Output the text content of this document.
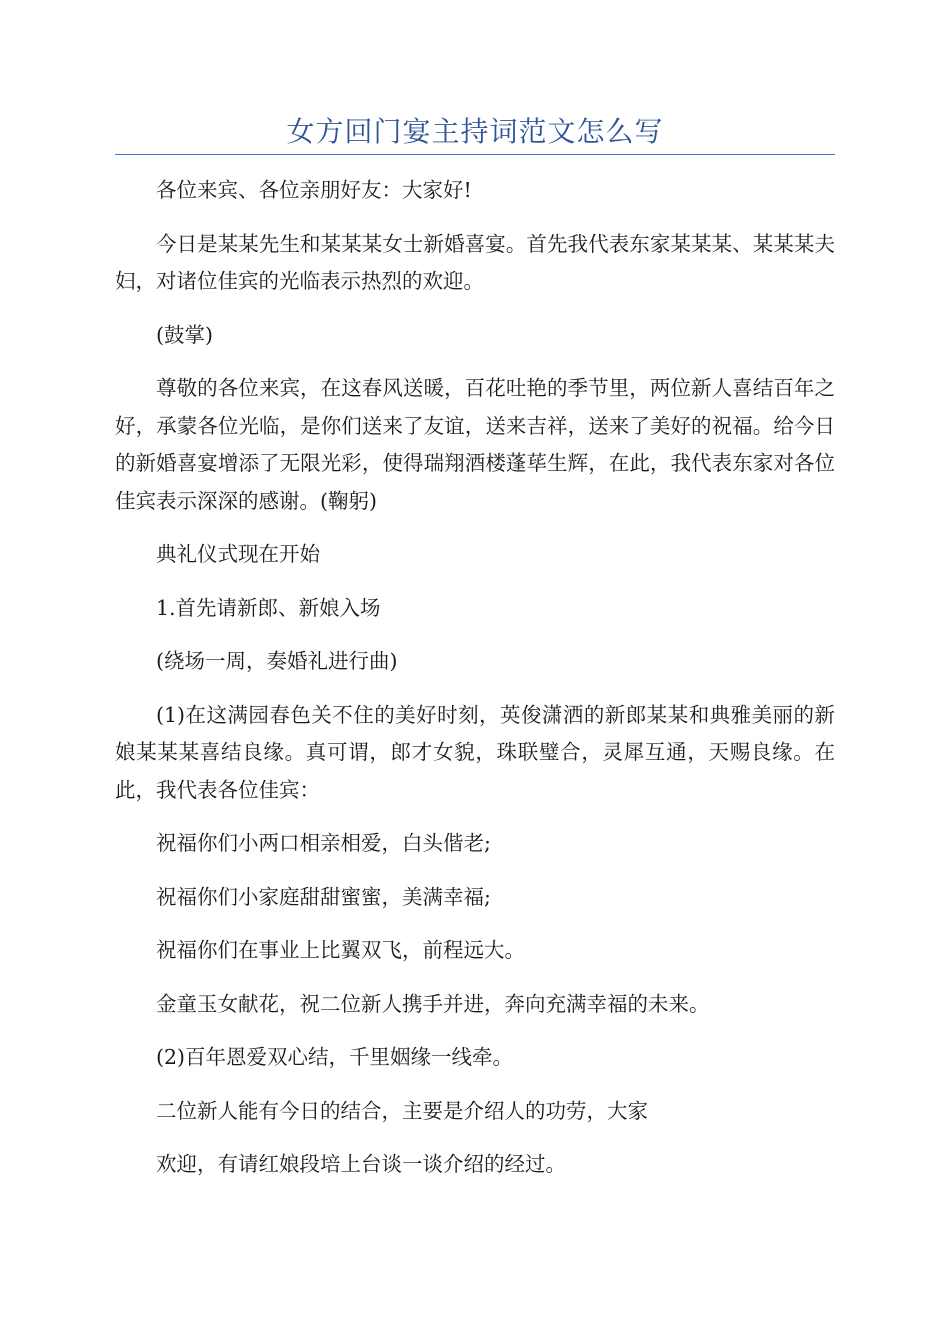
女方回门宴主持词范文怎么写

各位来宾、各位亲朋好友：大家好!

今日是某某先生和某某某女士新婚喜宴。首先我代表东家某某某、某某某夫妇，对诸位佳宾的光临表示热烈的欢迎。

(鼓掌)

尊敬的各位来宾，在这春风送暖，百花吐艳的季节里，两位新人喜结百年之好，承蒙各位光临，是你们送来了友谊，送来吉祥，送来了美好的祝福。给今日的新婚喜宴增添了无限光彩，使得瑞翔酒楼蓬荜生辉，在此，我代表东家对各位佳宾表示深深的感谢。(鞠躬)

典礼仪式现在开始

1.首先请新郎、新娘入场

(绕场一周，奏婚礼进行曲)

(1)在这满园春色关不住的美好时刻，英俊潇洒的新郎某某和典雅美丽的新娘某某某喜结良缘。真可谓，郎才女貌，珠联璧合，灵犀互通，天赐良缘。在此，我代表各位佳宾：

祝福你们小两口相亲相爱，白头偕老;

祝福你们小家庭甜甜蜜蜜，美满幸福;

祝福你们在事业上比翼双飞，前程远大。

金童玉女献花，祝二位新人携手并进，奔向充满幸福的未来。

(2)百年恩爱双心结，千里姻缘一线牵。

二位新人能有今日的结合，主要是介绍人的功劳，大家

欢迎，有请红娘段培上台谈一谈介绍的经过。
